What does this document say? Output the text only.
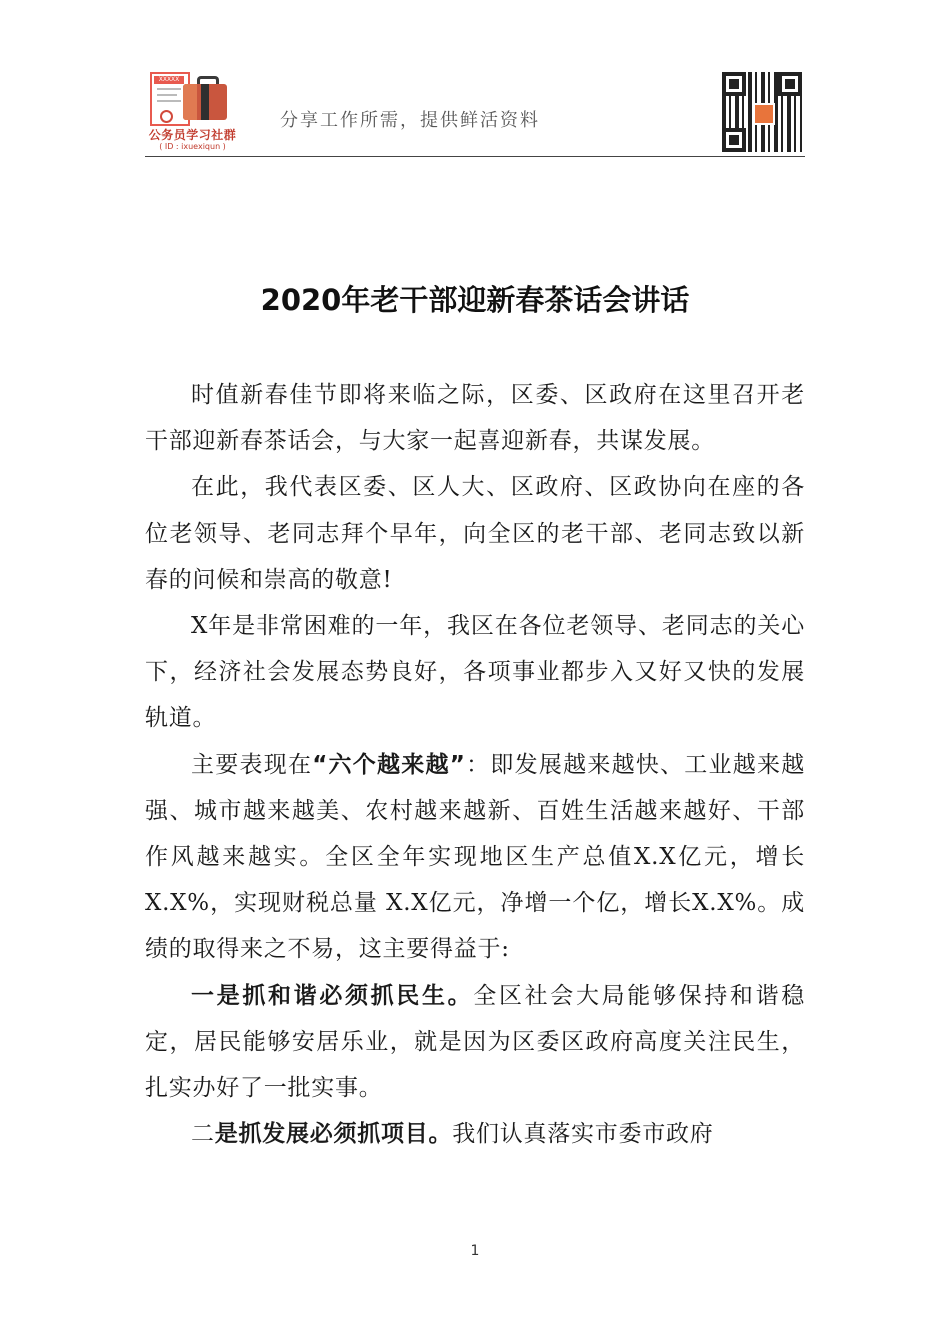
XXXXX
公务员学习社群
( ID : ixuexiqun )
分享工作所需，提供鲜活资料
2020年老干部迎新春茶话会讲话

时值新春佳节即将来临之际，区委、区政府在这里召开老干部迎新春茶话会，与大家一起喜迎新春，共谋发展。

在此，我代表区委、区人大、区政府、区政协向在座的各位老领导、老同志拜个早年，向全区的老干部、老同志致以新春的问候和崇高的敬意!

X年是非常困难的一年，我区在各位老领导、老同志的关心下，经济社会发展态势良好，各项事业都步入又好又快的发展轨道。

主要表现在“六个越来越”：即发展越来越快、工业越来越强、城市越来越美、农村越来越新、百姓生活越来越好、干部作风越来越实。全区全年实现地区生产总值X.X亿元，增长X.X%，实现财税总量 X.X亿元，净增一个亿，增长X.X%。成绩的取得来之不易，这主要得益于:

一是抓和谐必须抓民生。全区社会大局能够保持和谐稳定，居民能够安居乐业，就是因为区委区政府高度关注民生，扎实办好了一批实事。

二是抓发展必须抓项目。我们认真落实市委市政府

1
